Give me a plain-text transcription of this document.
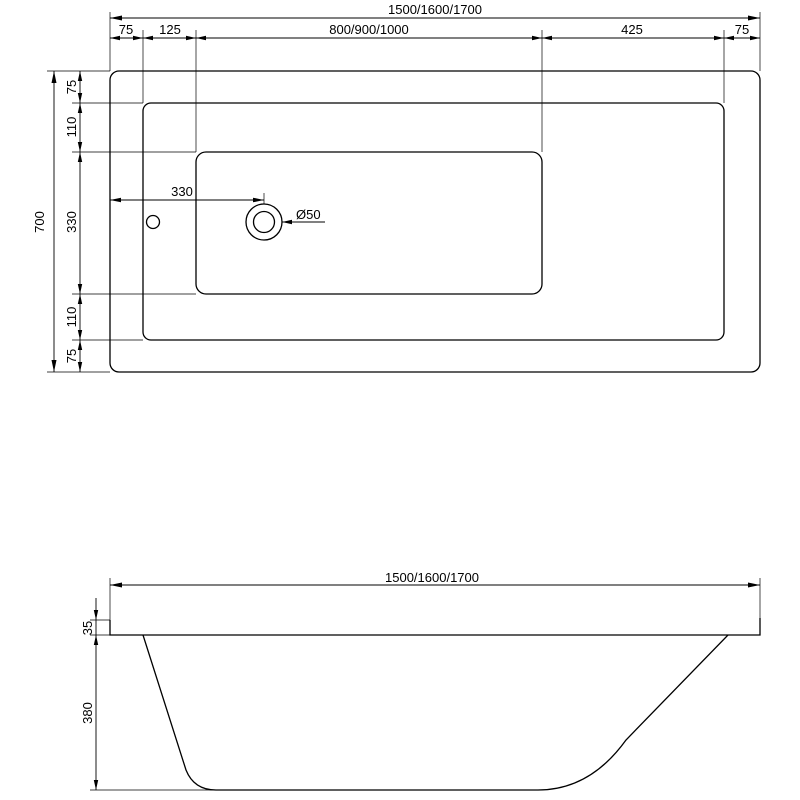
1500/1600/1700
75 125	800/900/1000	425	75
700
75
110
330
110
75
330
Ø50
1500/1600/1700
35
380
